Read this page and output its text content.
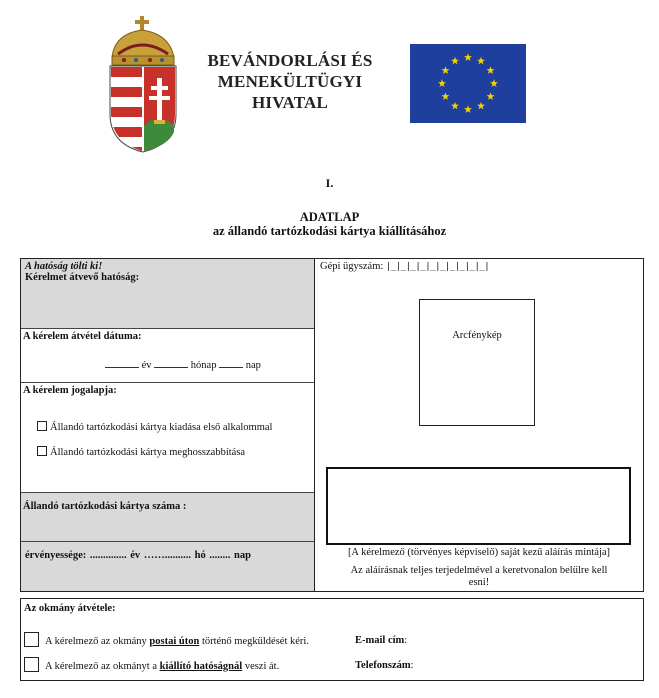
BEVÁNDORLÁSI ÉS
MENEKÜLTÜGYI
HIVATAL
I.
ADATLAP
az állandó tartózkodási kártya kiállításához
A hatóság tölti ki!
Kérelmet átvevő hatóság:
A kérelem átvétel dátuma:
év	hónap	nap
A kérelem jogalapja:
Állandó tartózkodási kártya kiadása első alkalommal
Állandó tartózkodási kártya meghosszabbítása
Állandó tartózkodási kártya száma :
érvényessége: .............. év …….......... hó ........ nap
Gépi ügyszám: |_|_|_|_|_|_|_|_|_|_|
Arcfénykép
[A kérelmező (törvényes képviselő) saját kezű aláírás mintája]
Az aláírásnak teljes terjedelmével a keretvonalon belülre kell
esni!
Az okmány átvétele:
A kérelmező az okmány postai úton történő megküldését kéri.	E-mail cím:
A kérelmező az okmányt a kiállító hatóságnál veszi át.	Telefonszám:
